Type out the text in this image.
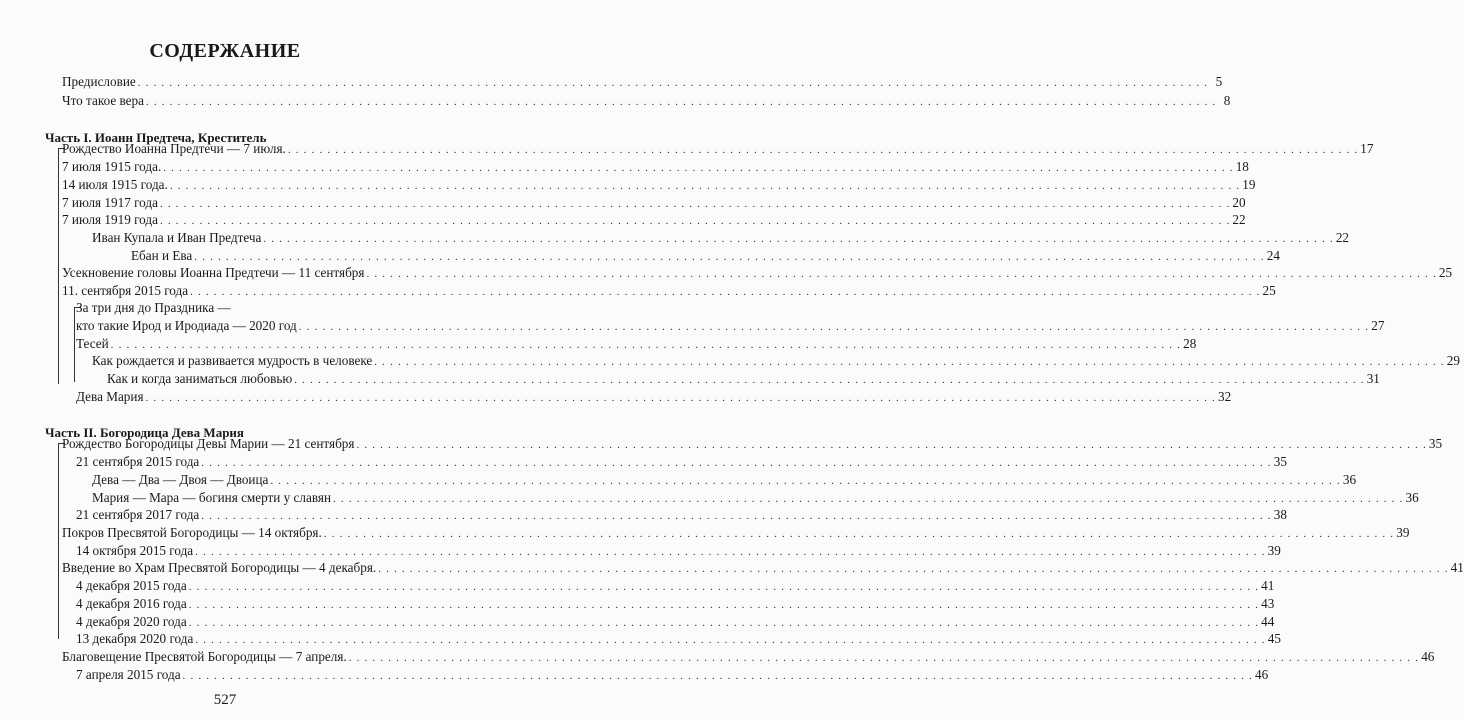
СОДЕРЖАНИЕ
Предисловие . . .	5
Что такое вера . . .	8
Часть I. Иоанн Предтеча, Креститель
Рождество Иоанна Предтечи — 7 июля. . . .	17
7 июля 1915 года. . . .	18
14 июля 1915 года. . . .	19
7 июля 1917 года . . .	20
7 июля 1919 года . . .	22
Иван Купала и Иван Предтеча . . .	22
Ебан и Ева . . .	24
Усекновение головы Иоанна Предтечи — 11 сентября . . .	25
11. сентября 2015 года . . .	25
За три дня до Праздника —
кто такие Ирод и Иродиада — 2020 год . . .	27
Тесей . . .	28
Как рождается и развивается мудрость в человеке . . .	29
Как и когда заниматься любовью . . .	31
Дева Мария . . .	32
Часть II. Богородица Дева Мария
Рождество Богородицы Девы Марии — 21 сентября . . .	35
21 сентября 2015 года . . .	35
Дева — Два — Двоя — Двоица . . .	36
Мария — Мара — богиня смерти у славян . . .	36
21 сентября 2017 года . . .	38
Покров Пресвятой Богородицы — 14 октября. . . .	39
14 октября 2015 года . . .	39
Введение во Храм Пресвятой Богородицы — 4 декабря. . . .	41
4 декабря 2015 года . . .	41
4 декабря 2016 года . . .	43
4 декабря 2020 года . . .	44
13 декабря 2020 года . . .	45
Благовещение Пресвятой Богородицы — 7 апреля. . . .	46
7 апреля 2015 года . . .	46
527
